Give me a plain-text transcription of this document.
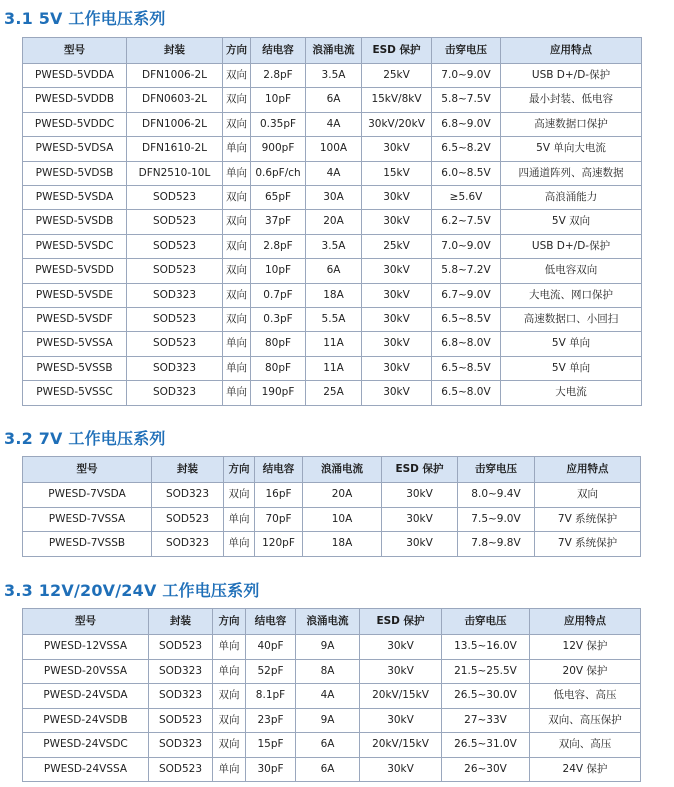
3.1 5V 工作电压系列
型号	封装	方向	结电容	浪涌电流	ESD 保护	击穿电压	应用特点
PWESD-5VDDA	DFN1006-2L	双向	2.8pF	3.5A	25kV	7.0~9.0V	USB D+/D-保护
PWESD-5VDDB	DFN0603-2L	双向	10pF	6A	15kV/8kV	5.8~7.5V	最小封装、低电容
PWESD-5VDDC	DFN1006-2L	双向	0.35pF	4A	30kV/20kV	6.8~9.0V	高速数据口保护
PWESD-5VDSA	DFN1610-2L	单向	900pF	100A	30kV	6.5~8.2V	5V 单向大电流
PWESD-5VDSB	DFN2510-10L	单向	0.6pF/ch	4A	15kV	6.0~8.5V	四通道阵列、高速数据
PWESD-5VSDA	SOD523	双向	65pF	30A	30kV	≥5.6V	高浪涌能力
PWESD-5VSDB	SOD523	双向	37pF	20A	30kV	6.2~7.5V	5V 双向
PWESD-5VSDC	SOD523	双向	2.8pF	3.5A	25kV	7.0~9.0V	USB D+/D-保护
PWESD-5VSDD	SOD523	双向	10pF	6A	30kV	5.8~7.2V	低电容双向
PWESD-5VSDE	SOD323	双向	0.7pF	18A	30kV	6.7~9.0V	大电流、网口保护
PWESD-5VSDF	SOD523	双向	0.3pF	5.5A	30kV	6.5~8.5V	高速数据口、小回扫
PWESD-5VSSA	SOD523	单向	80pF	11A	30kV	6.8~8.0V	5V 单向
PWESD-5VSSB	SOD323	单向	80pF	11A	30kV	6.5~8.5V	5V 单向
PWESD-5VSSC	SOD323	单向	190pF	25A	30kV	6.5~8.0V	大电流
3.2 7V 工作电压系列
型号	封装	方向	结电容	浪涌电流	ESD 保护	击穿电压	应用特点
PWESD-7VSDA	SOD323	双向	16pF	20A	30kV	8.0~9.4V	双向
PWESD-7VSSA	SOD523	单向	70pF	10A	30kV	7.5~9.0V	7V 系统保护
PWESD-7VSSB	SOD323	单向	120pF	18A	30kV	7.8~9.8V	7V 系统保护
3.3 12V/20V/24V 工作电压系列
型号	封装	方向	结电容	浪涌电流	ESD 保护	击穿电压	应用特点
PWESD-12VSSA	SOD523	单向	40pF	9A	30kV	13.5~16.0V	12V 保护
PWESD-20VSSA	SOD323	单向	52pF	8A	30kV	21.5~25.5V	20V 保护
PWESD-24VSDA	SOD323	双向	8.1pF	4A	20kV/15kV	26.5~30.0V	低电容、高压
PWESD-24VSDB	SOD523	双向	23pF	9A	30kV	27~33V	双向、高压保护
PWESD-24VSDC	SOD323	双向	15pF	6A	20kV/15kV	26.5~31.0V	双向、高压
PWESD-24VSSA	SOD523	单向	30pF	6A	30kV	26~30V	24V 保护
